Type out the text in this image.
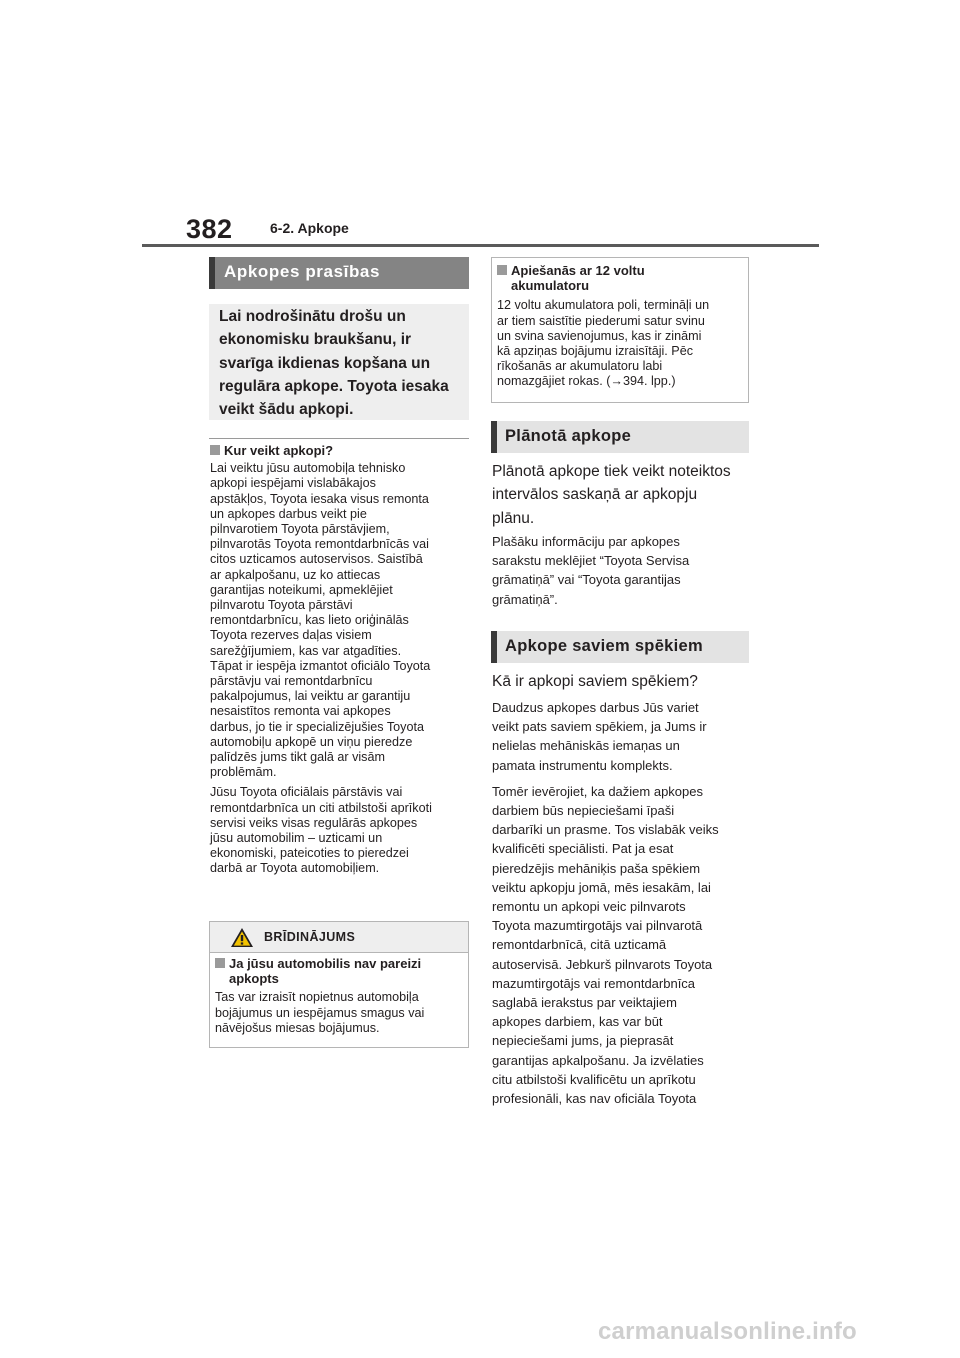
382	6-2. Apkope
Apkopes prasības
Lai nodrošinātu drošu un
ekonomisku braukšanu, ir
svarīga ikdienas kopšana un
regulāra apkope. Toyota iesaka
veikt šādu apkopi.
Kur veikt apkopi?
Lai veiktu jūsu automobiļa tehnisko
apkopi iespējami vislabākajos
apstākļos, Toyota iesaka visus remonta
un apkopes darbus veikt pie
pilnvarotiem Toyota pārstāvjiem,
pilnvarotās Toyota remontdarbnīcās vai
citos uzticamos autoservisos. Saistībā
ar apkalpošanu, uz ko attiecas
garantijas noteikumi, apmeklējiet
pilnvarotu Toyota pārstāvi
remontdarbnīcu, kas lieto oriģinālās
Toyota rezerves daļas visiem
sarežģījumiem, kas var atgadīties.
Tāpat ir iespēja izmantot oficiālo Toyota
pārstāvju vai remontdarbnīcu
pakalpojumus, lai veiktu ar garantiju
nesaistītos remonta vai apkopes
darbus, jo tie ir specializējušies Toyota
automobiļu apkopē un viņu pieredze
palīdzēs jums tikt galā ar visām
problēmām.
Jūsu Toyota oficiālais pārstāvis vai
remontdarbnīca un citi atbilstoši aprīkoti
servisi veiks visas regulārās apkopes
jūsu automobilim – uzticami un
ekonomiski, pateicoties to pieredzei
darbā ar Toyota automobiļiem.
BRĪDINĀJUMS
Ja jūsu automobilis nav pareizi
apkopts
Tas var izraisīt nopietnus automobiļa
bojājumus un iespējamus smagus vai
nāvējošus miesas bojājumus.
Apiešanās ar 12 voltu
akumulatoru
12 voltu akumulatora poli, termināļi un
ar tiem saistītie piederumi satur svinu
un svina savienojumus, kas ir zināmi
kā apziņas bojājumu izraisītāji. Pēc
rīkošanās ar akumulatoru labi
nomazgājiet rokas. (→394. lpp.)
Plānotā apkope
Plānotā apkope tiek veikt noteiktos
intervālos saskaņā ar apkopju
plānu.
Plašāku informāciju par apkopes
sarakstu meklējiet “Toyota Servisa
grāmatiņā” vai “Toyota garantijas
grāmatiņā”.
Apkope saviem spēkiem
Kā ir apkopi saviem spēkiem?
Daudzus apkopes darbus Jūs variet
veikt pats saviem spēkiem, ja Jums ir
nelielas mehāniskās iemaņas un
pamata instrumentu komplekts.
Tomēr ievērojiet, ka dažiem apkopes
darbiem būs nepieciešami īpaši
darbarīki un prasme. Tos vislabāk veiks
kvalificēti speciālisti. Pat ja esat
pieredzējis mehāniķis paša spēkiem
veiktu apkopju jomā, mēs iesakām, lai
remontu un apkopi veic pilnvarots
Toyota mazumtirgotājs vai pilnvarotā
remontdarbnīcā, citā uzticamā
autoservisā. Jebkurš pilnvarots Toyota
mazumtirgotājs vai remontdarbnīca
saglabā ierakstus par veiktajiem
apkopes darbiem, kas var būt
nepieciešami jums, ja pieprasāt
garantijas apkalpošanu. Ja izvēlaties
citu atbilstoši kvalificētu un aprīkotu
profesionāli, kas nav oficiāla Toyota
carmanualsonline.info
